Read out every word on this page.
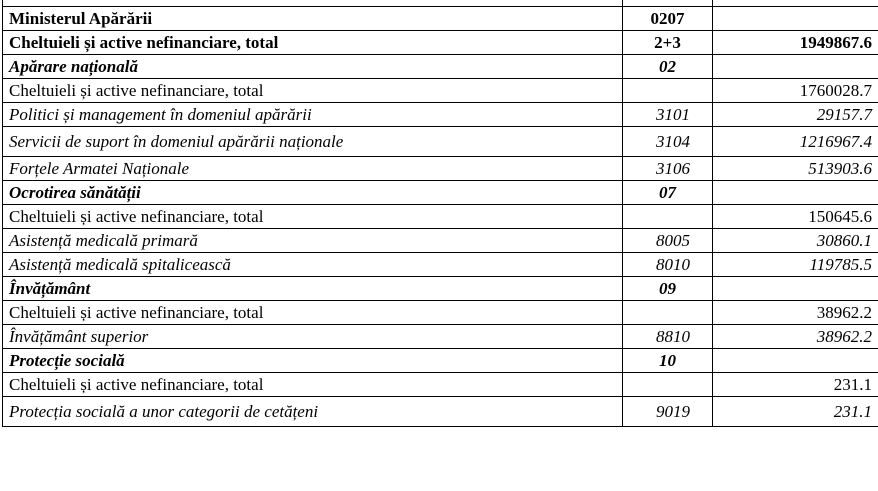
Ministerul Apărării	0207	
Cheltuieli și active nefinanciare, total	2+3	1949867.6
Apărare națională	02	
Cheltuieli și active nefinanciare, total		1760028.7
Politici și management în domeniul apărării	3101	29157.7
Servicii de suport în domeniul apărării naționale	3104	1216967.4
Forțele Armatei Naționale	3106	513903.6
Ocrotirea sănătății	07	
Cheltuieli și active nefinanciare, total		150645.6
Asistență medicală primară	8005	30860.1
Asistență medicală spitalicească	8010	119785.5
Învățământ	09	
Cheltuieli și active nefinanciare, total		38962.2
Învățământ superior	8810	38962.2
Protecție socială	10	
Cheltuieli și active nefinanciare, total		231.1
Protecția socială a unor categorii de cetățeni	9019	231.1
